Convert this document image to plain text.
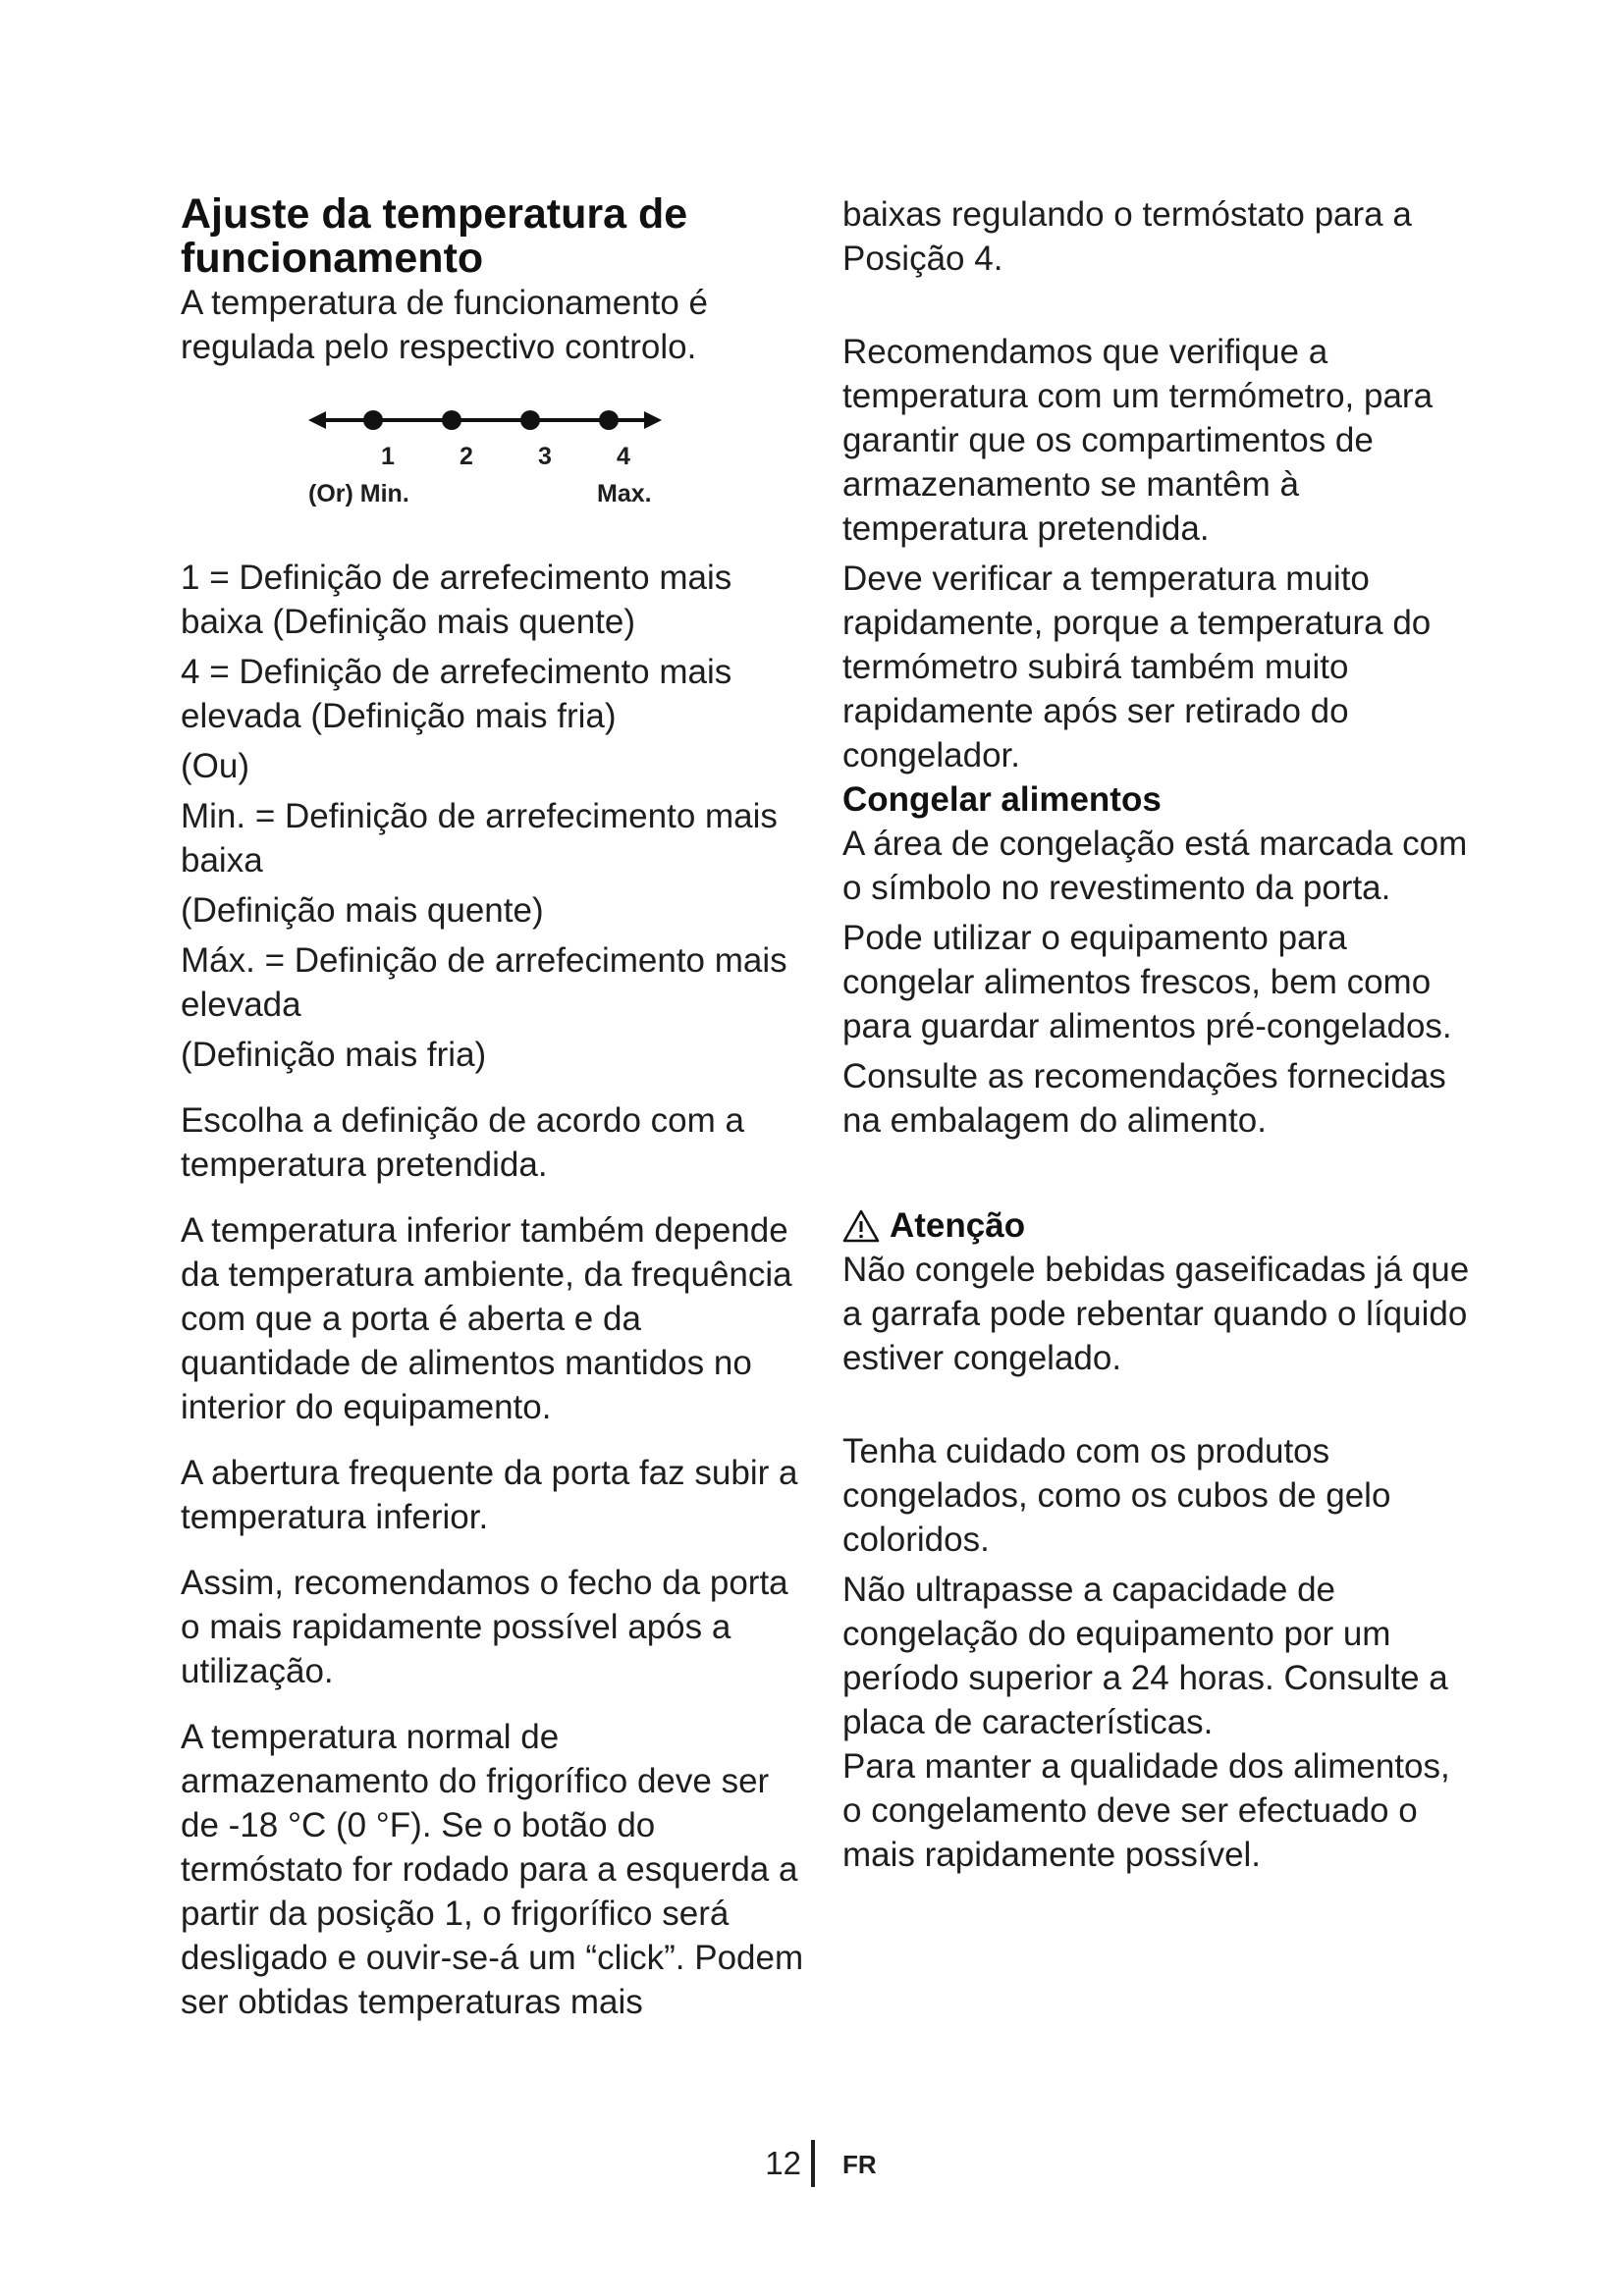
Ajuste da temperatura de funcionamento

A temperatura de funcionamento é regulada pelo respectivo controlo.

1	2	3	4
(Or) Min.	Max.

1 = Definição de arrefecimento mais baixa (Definição mais quente)

4 = Definição de arrefecimento mais elevada (Definição mais fria)

(Ou)

Min. = Definição de arrefecimento mais baixa

(Definição mais quente)

Máx. = Definição de arrefecimento mais elevada

(Definição mais fria)

Escolha a definição de acordo com a temperatura pretendida.

A temperatura inferior também depende da temperatura ambiente, da frequência com que a porta é aberta e da quantidade de alimentos mantidos no interior do equipamento.

A abertura frequente da porta faz subir a temperatura inferior.

Assim, recomendamos o fecho da porta o mais rapidamente possível após a utilização.

A temperatura normal de armazenamento do frigorífico deve ser de -18 °C (0 °F). Se o botão do termóstato for rodado para a esquerda a partir da posição 1, o frigorífico será desligado e ouvir-se-á um “click”. Podem ser obtidas temperaturas mais

baixas regulando o termóstato para a Posição 4.

Recomendamos que verifique a temperatura com um termómetro, para garantir que os compartimentos de armazenamento se mantêm à temperatura pretendida.

Deve verificar a temperatura muito rapidamente, porque a temperatura do termómetro subirá também muito rapidamente após ser retirado do congelador.

Congelar alimentos

A área de congelação está marcada com o símbolo no revestimento da porta.

Pode utilizar o equipamento para congelar alimentos frescos, bem como para guardar alimentos pré-congelados.

Consulte as recomendações fornecidas na embalagem do alimento.

Atenção

Não congele bebidas gaseificadas já que a garrafa pode rebentar quando o líquido estiver congelado.

Tenha cuidado com os produtos congelados, como os cubos de gelo coloridos.

Não ultrapasse a capacidade de congelação do equipamento por um período superior a 24 horas. Consulte a placa de características.

Para manter a qualidade dos alimentos, o congelamento deve ser efectuado o mais rapidamente possível.

12 FR
